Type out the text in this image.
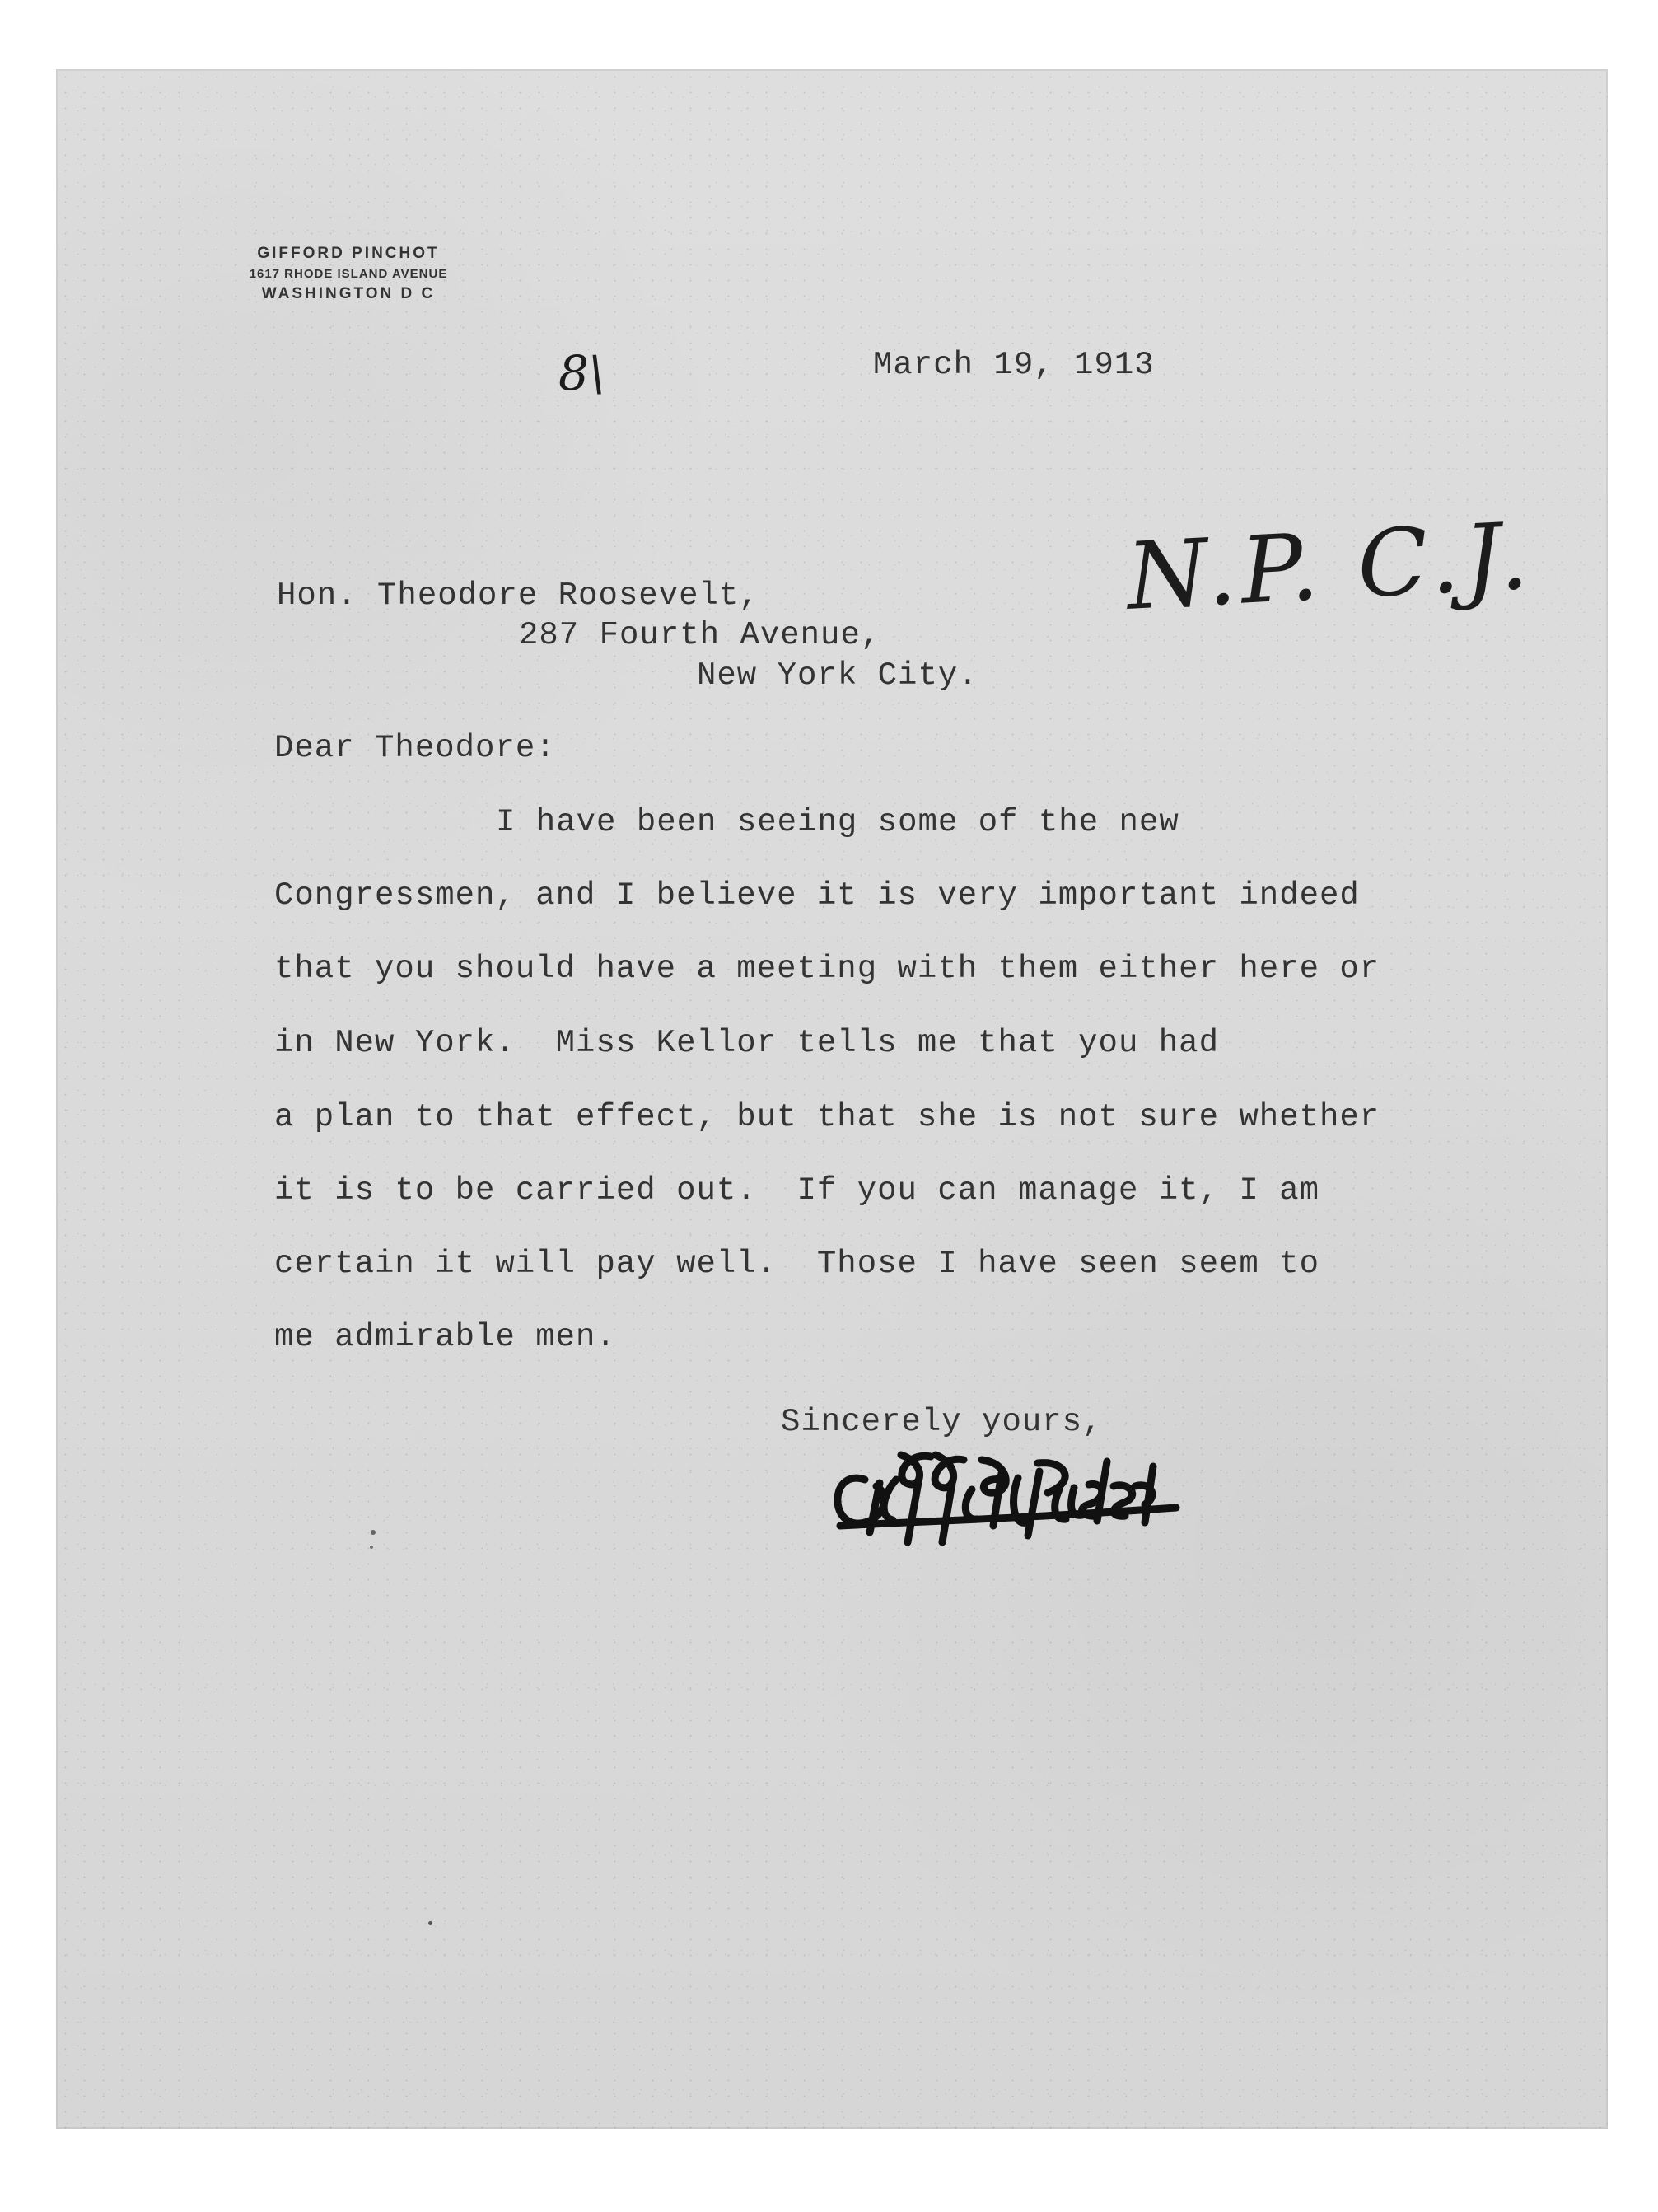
GIFFORD PINCHOT
1617 RHODE ISLAND AVENUE
WASHINGTON D C
8\	March 19, 1913
Hon. Theodore Roosevelt,
287 Fourth Avenue,
New York City.
N.P. C.J.
Dear Theodore:
I have been seeing some of the new
Congressmen, and I believe it is very important indeed
that you should have a meeting with them either here or
in New York.  Miss Kellor tells me that you had
a plan to that effect, but that she is not sure whether
it is to be carried out.  If you can manage it, I am
certain it will pay well.  Those I have seen seem to
me admirable men.
Sincerely yours,
